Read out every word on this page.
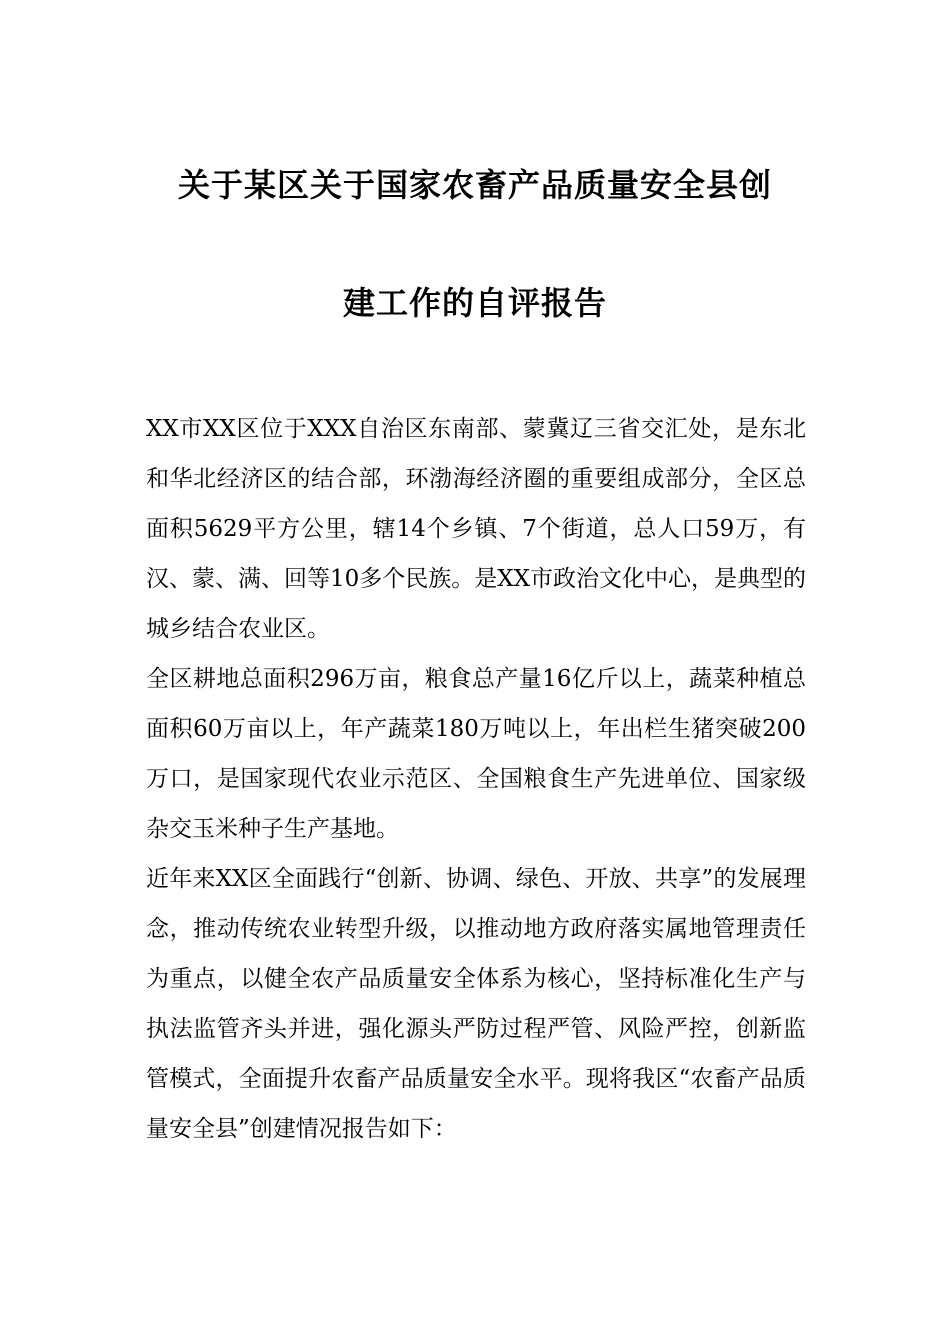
关于某区关于国家农畜产品质量安全县创
建工作的自评报告

XX市XX区位于XXX自治区东南部、蒙冀辽三省交汇处，是东北和华北经济区的结合部，环渤海经济圈的重要组成部分，全区总面积5629平方公里，辖14个乡镇、7个街道，总人口59万，有汉、蒙、满、回等10多个民族。是XX市政治文化中心，是典型的城乡结合农业区。

全区耕地总面积296万亩，粮食总产量16亿斤以上，蔬菜种植总面积60万亩以上，年产蔬菜180万吨以上，年出栏生猪突破200万口，是国家现代农业示范区、全国粮食生产先进单位、国家级杂交玉米种子生产基地。

近年来XX区全面践行“创新、协调、绿色、开放、共享”的发展理念，推动传统农业转型升级，以推动地方政府落实属地管理责任为重点，以健全农产品质量安全体系为核心，坚持标准化生产与执法监管齐头并进，强化源头严防过程严管、风险严控，创新监管模式，全面提升农畜产品质量安全水平。现将我区“农畜产品质量安全县”创建情况报告如下：
